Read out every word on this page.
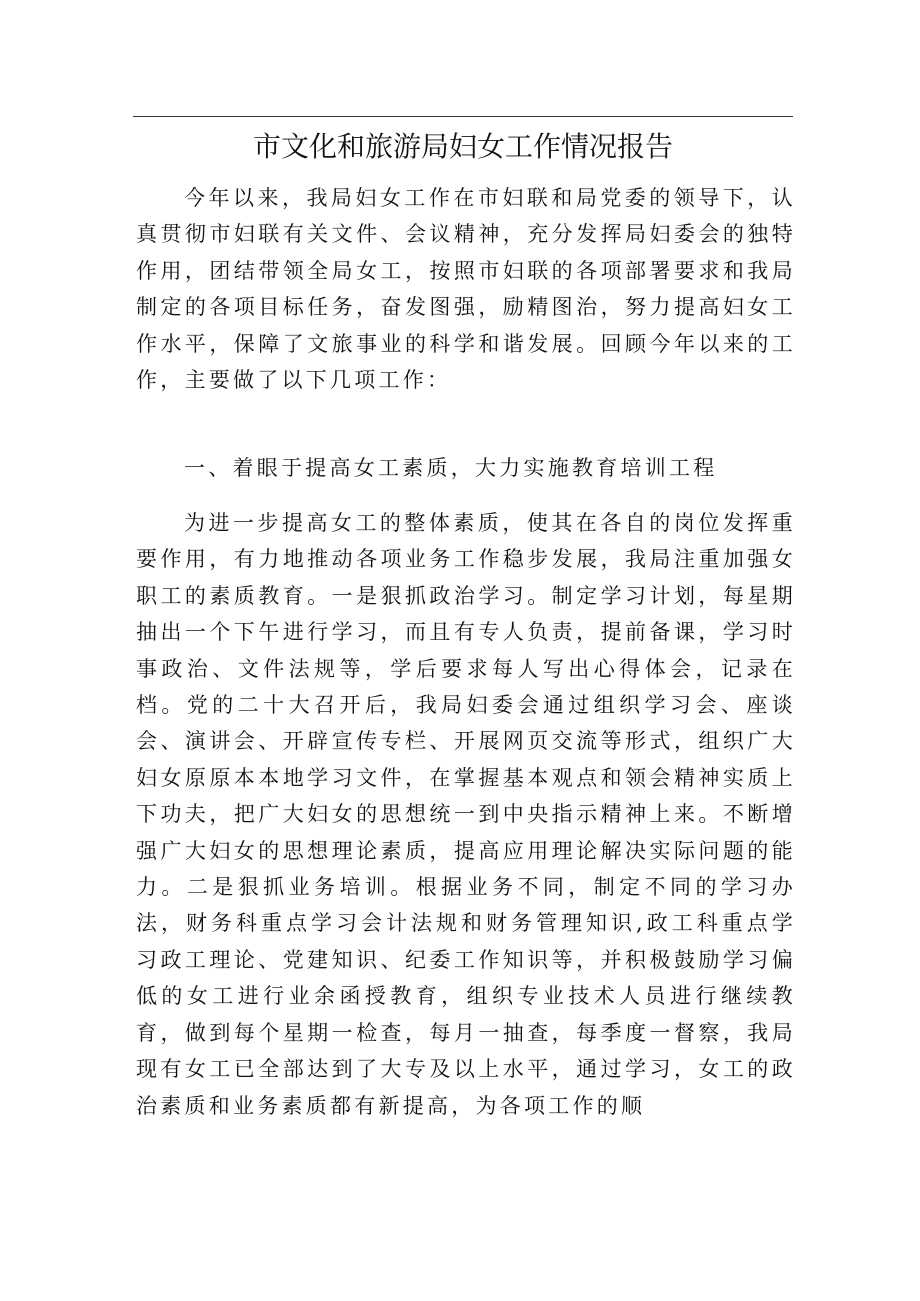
市文化和旅游局妇女工作情况报告
今年以来，我局妇女工作在市妇联和局党委的领导下，认真贯彻市妇联有关文件、会议精神，充分发挥局妇委会的独特作用，团结带领全局女工，按照市妇联的各项部署要求和我局制定的各项目标任务，奋发图强，励精图治，努力提高妇女工作水平，保障了文旅事业的科学和谐发展。回顾今年以来的工作，主要做了以下几项工作：
一、着眼于提高女工素质，大力实施教育培训工程
为进一步提高女工的整体素质，使其在各自的岗位发挥重要作用，有力地推动各项业务工作稳步发展，我局注重加强女职工的素质教育。一是狠抓政治学习。制定学习计划，每星期抽出一个下午进行学习，而且有专人负责，提前备课，学习时事政治、文件法规等，学后要求每人写出心得体会，记录在档。党的二十大召开后，我局妇委会通过组织学习会、座谈会、演讲会、开辟宣传专栏、开展网页交流等形式，组织广大妇女原原本本地学习文件，在掌握基本观点和领会精神实质上下功夫，把广大妇女的思想统一到中央指示精神上来。不断增强广大妇女的思想理论素质，提高应用理论解决实际问题的能力。二是狠抓业务培训。根据业务不同，制定不同的学习办法，财务科重点学习会计法规和财务管理知识,政工科重点学习政工理论、党建知识、纪委工作知识等，并积极鼓励学习偏低的女工进行业余函授教育，组织专业技术人员进行继续教育，做到每个星期一检查，每月一抽查，每季度一督察，我局现有女工已全部达到了大专及以上水平，通过学习，女工的政治素质和业务素质都有新提高，为各项工作的顺
